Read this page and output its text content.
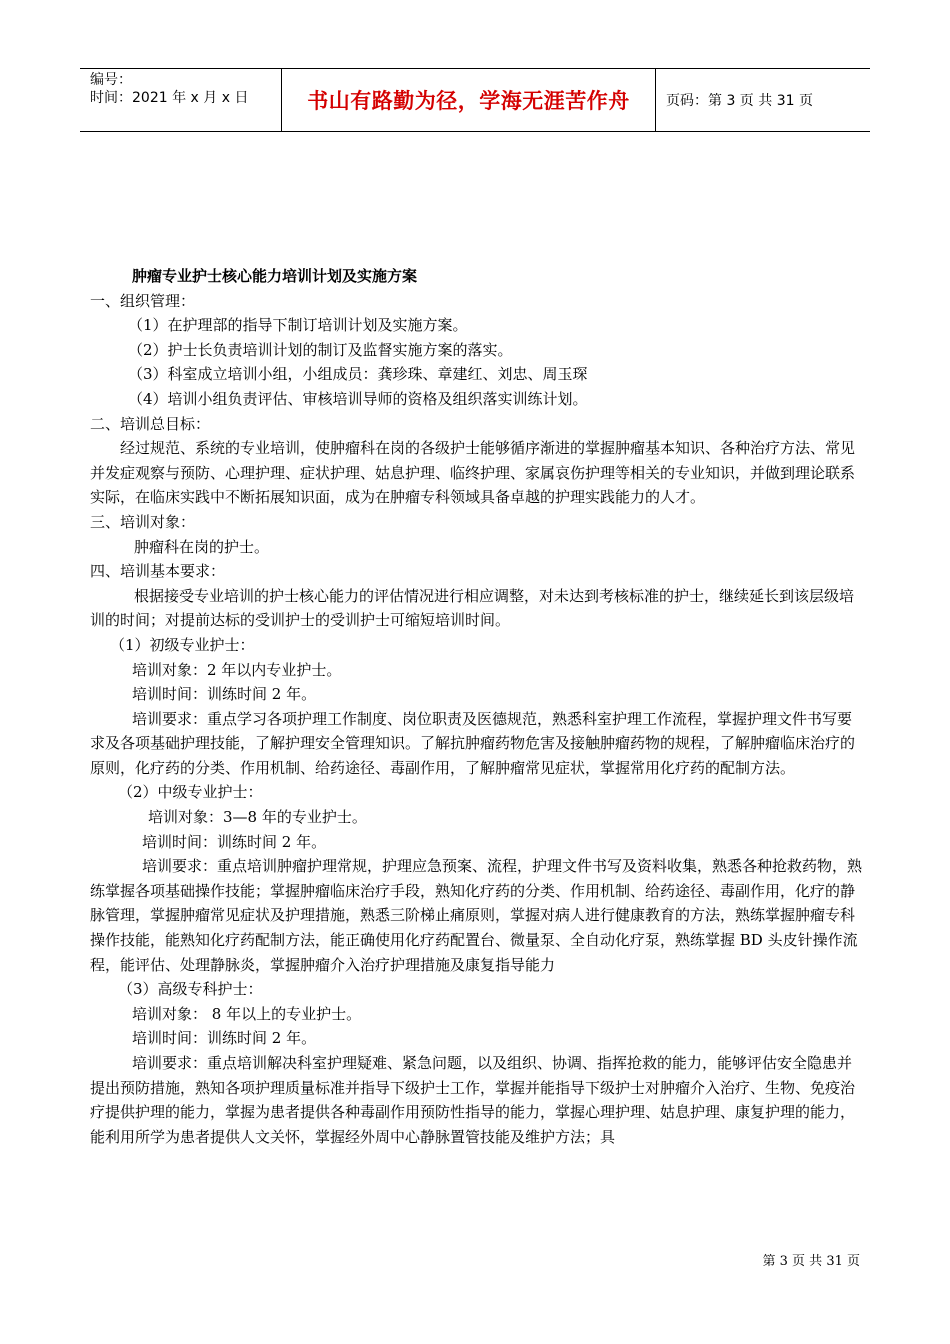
编号：
时间：2021 年 x 月 x 日	书山有路勤为径，学海无涯苦作舟	页码：第 3 页 共 31 页

肿瘤专业护士核心能力培训计划及实施方案

一、组织管理：

（1）在护理部的指导下制订培训计划及实施方案。

（2）护士长负责培训计划的制订及监督实施方案的落实。

（3）科室成立培训小组，小组成员：龚珍珠、章建红、刘忠、周玉琛

（4）培训小组负责评估、审核培训导师的资格及组织落实训练计划。

二、培训总目标：

经过规范、系统的专业培训，使肿瘤科在岗的各级护士能够循序渐进的掌握肿瘤基本知识、各种治疗方法、常见并发症观察与预防、心理护理、症状护理、姑息护理、临终护理、家属哀伤护理等相关的专业知识，并做到理论联系实际，在临床实践中不断拓展知识面，成为在肿瘤专科领域具备卓越的护理实践能力的人才。

三、培训对象：

肿瘤科在岗的护士。

四、培训基本要求：

根据接受专业培训的护士核心能力的评估情况进行相应调整，对未达到考核标准的护士，继续延长到该层级培训的时间；对提前达标的受训护士的受训护士可缩短培训时间。

（1）初级专业护士：

培训对象：2 年以内专业护士。

培训时间：训练时间 2 年。

培训要求：重点学习各项护理工作制度、岗位职责及医德规范，熟悉科室护理工作流程，掌握护理文件书写要求及各项基础护理技能，了解护理安全管理知识。了解抗肿瘤药物危害及接触肿瘤药物的规程，了解肿瘤临床治疗的原则，化疗药的分类、作用机制、给药途径、毒副作用，了解肿瘤常见症状，掌握常用化疗药的配制方法。

（2）中级专业护士：

培训对象：3—8 年的专业护士。

培训时间：训练时间 2 年。

培训要求：重点培训肿瘤护理常规，护理应急预案、流程，护理文件书写及资料收集，熟悉各种抢救药物，熟练掌握各项基础操作技能；掌握肿瘤临床治疗手段，熟知化疗药的分类、作用机制、给药途径、毒副作用，化疗的静脉管理，掌握肿瘤常见症状及护理措施，熟悉三阶梯止痛原则，掌握对病人进行健康教育的方法，熟练掌握肿瘤专科操作技能，能熟知化疗药配制方法，能正确使用化疗药配置台、微量泵、全自动化疗泵，熟练掌握 BD 头皮针操作流程，能评估、处理静脉炎，掌握肿瘤介入治疗护理措施及康复指导能力

（3）高级专科护士：

培训对象： 8 年以上的专业护士。

培训时间：训练时间 2 年。

培训要求：重点培训解决科室护理疑难、紧急问题，以及组织、协调、指挥抢救的能力，能够评估安全隐患并提出预防措施，熟知各项护理质量标准并指导下级护士工作，掌握并能指导下级护士对肿瘤介入治疗、生物、免疫治疗提供护理的能力，掌握为患者提供各种毒副作用预防性指导的能力，掌握心理护理、姑息护理、康复护理的能力，能利用所学为患者提供人文关怀，掌握经外周中心静脉置管技能及维护方法；具

第 3 页 共 31 页
